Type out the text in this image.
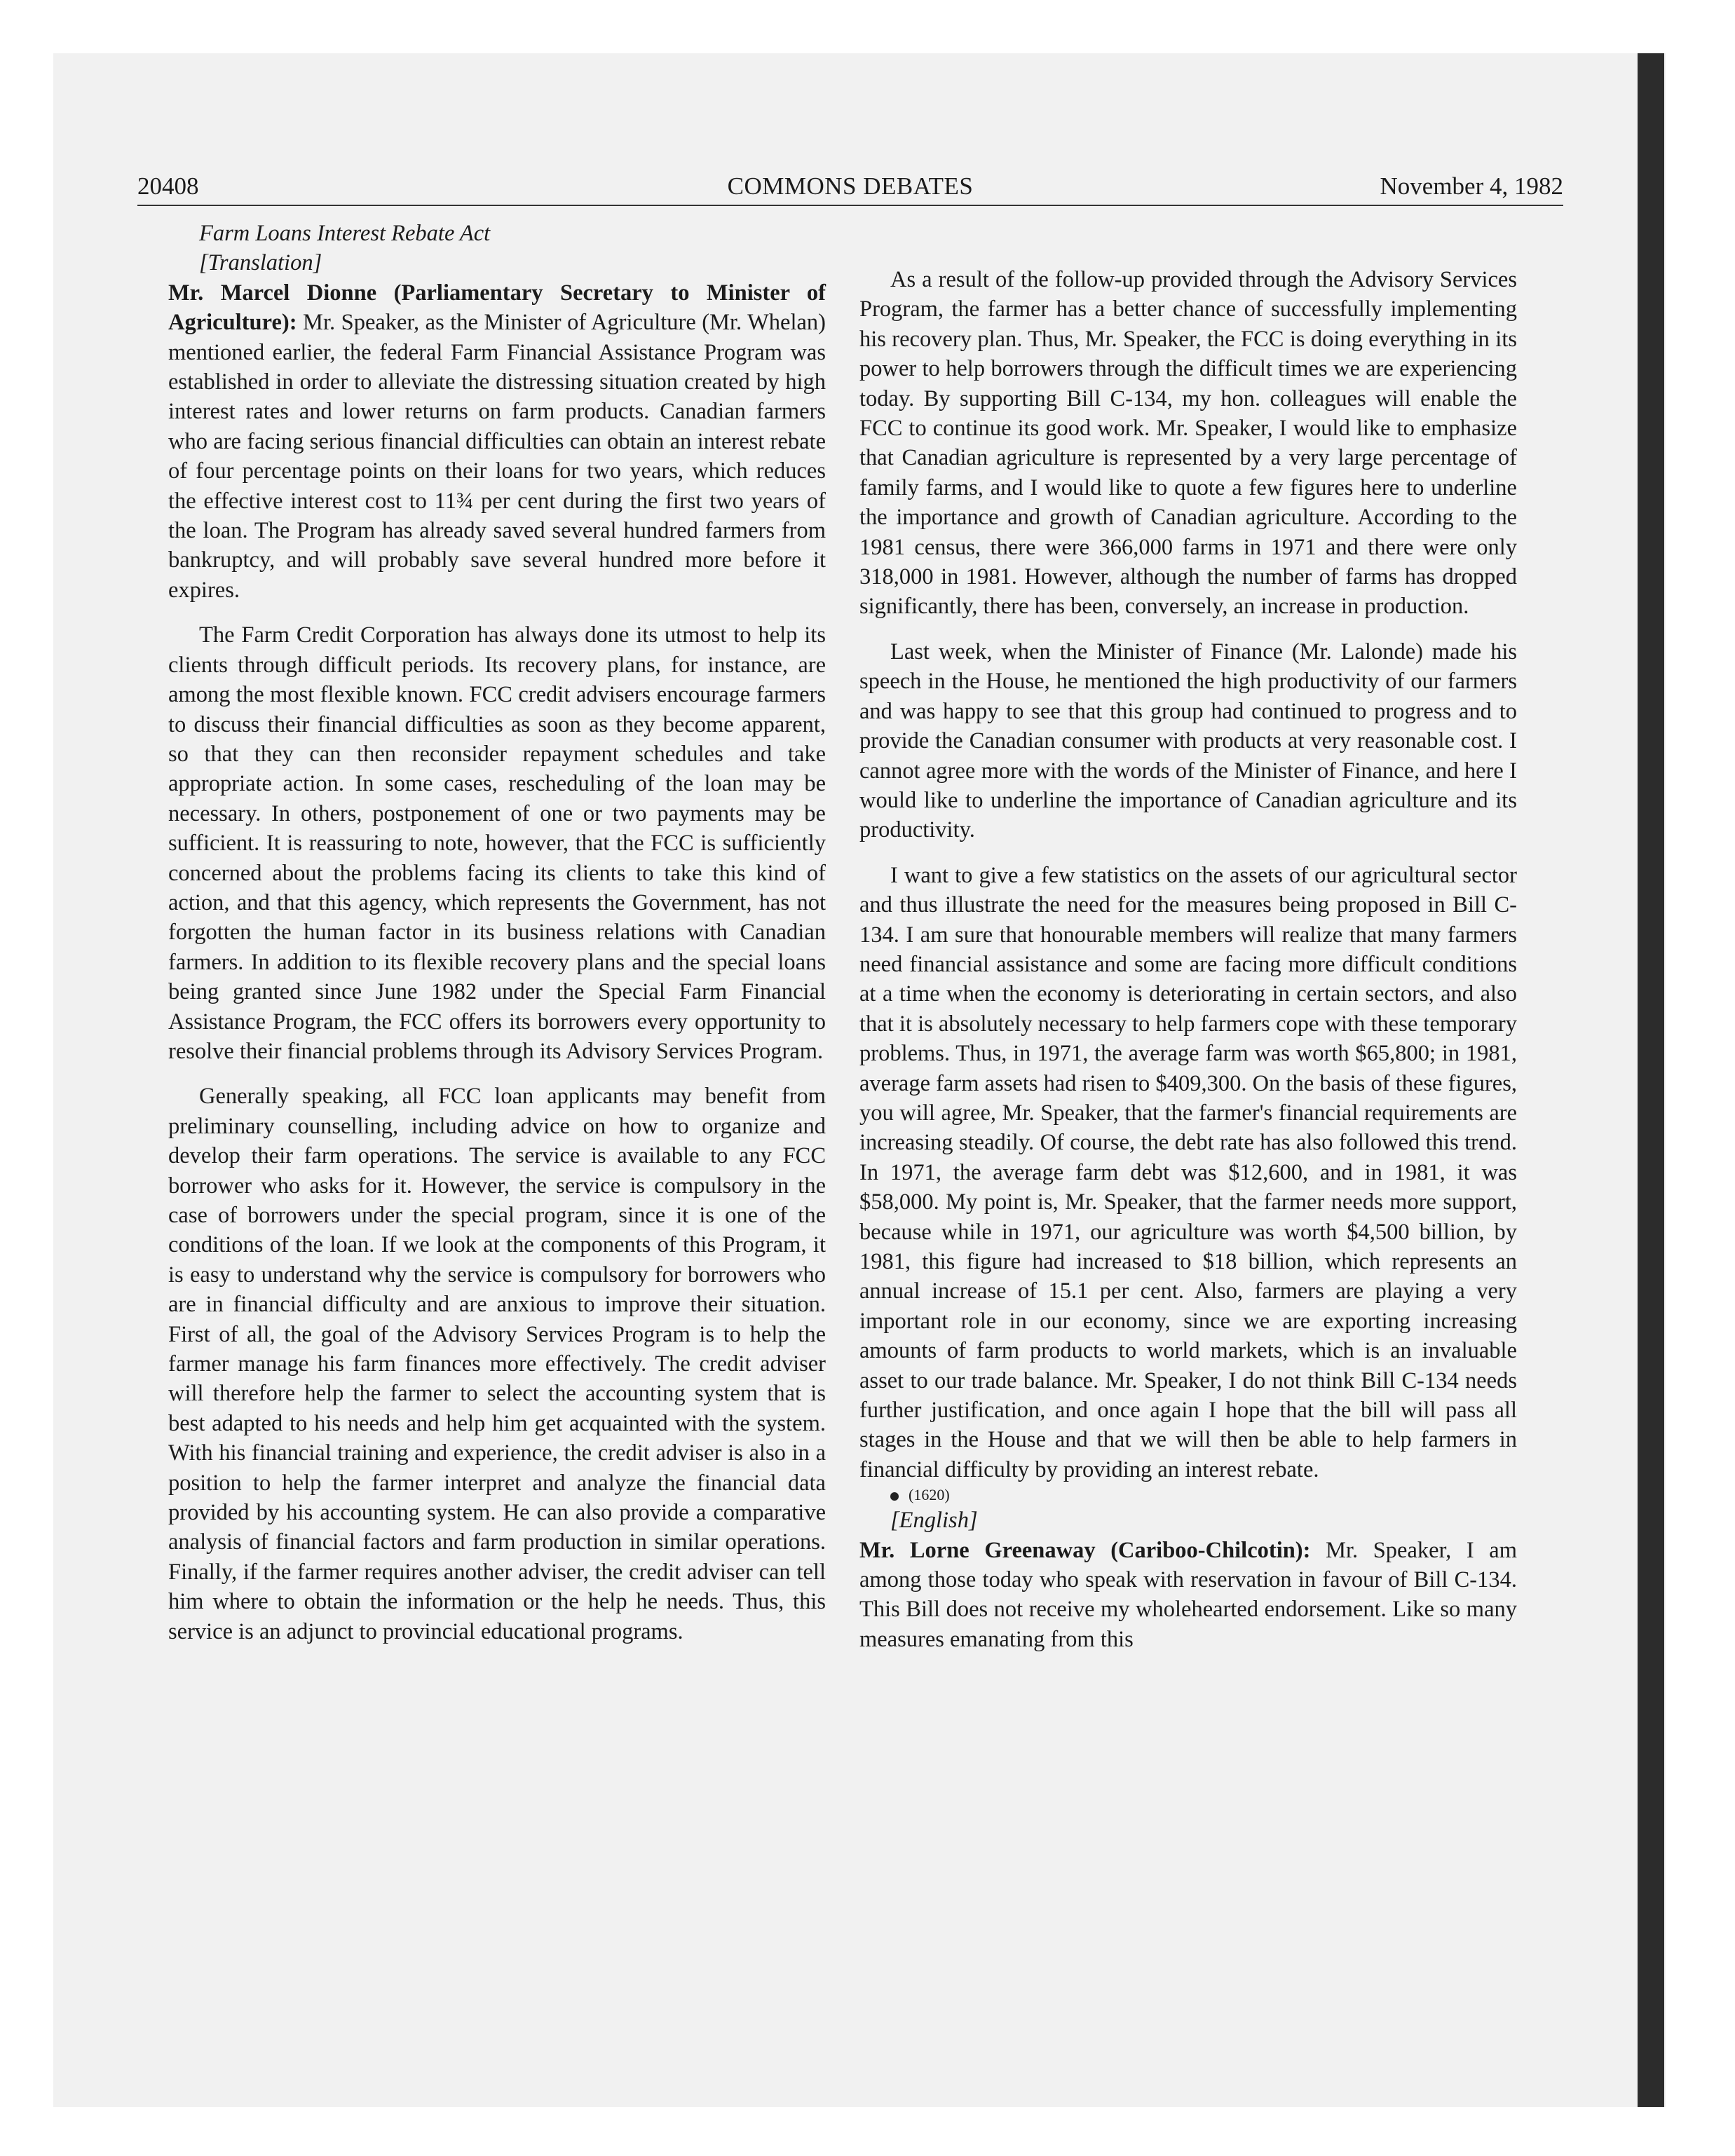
20408	COMMONS DEBATES	November 4, 1982

Farm Loans Interest Rebate Act

[Translation]

Mr. Marcel Dionne (Parliamentary Secretary to Minister of Agriculture): Mr. Speaker, as the Minister of Agriculture (Mr. Whelan) mentioned earlier, the federal Farm Financial Assistance Program was established in order to alleviate the distressing situation created by high interest rates and lower returns on farm products. Canadian farmers who are facing serious financial difficulties can obtain an interest rebate of four percentage points on their loans for two years, which reduces the effective interest cost to 11¾ per cent during the first two years of the loan. The Program has already saved several hundred farmers from bankruptcy, and will probably save several hundred more before it expires.

The Farm Credit Corporation has always done its utmost to help its clients through difficult periods. Its recovery plans, for instance, are among the most flexible known. FCC credit advisers encourage farmers to discuss their financial difficulties as soon as they become apparent, so that they can then reconsider repayment schedules and take appropriate action. In some cases, rescheduling of the loan may be necessary. In others, postponement of one or two payments may be sufficient. It is reassuring to note, however, that the FCC is sufficiently concerned about the problems facing its clients to take this kind of action, and that this agency, which represents the Government, has not forgotten the human factor in its business relations with Canadian farmers. In addition to its flexible recovery plans and the special loans being granted since June 1982 under the Special Farm Financial Assistance Program, the FCC offers its borrowers every opportunity to resolve their financial problems through its Advisory Services Program.

Generally speaking, all FCC loan applicants may benefit from preliminary counselling, including advice on how to organize and develop their farm operations. The service is available to any FCC borrower who asks for it. However, the service is compulsory in the case of borrowers under the special program, since it is one of the conditions of the loan. If we look at the components of this Program, it is easy to understand why the service is compulsory for borrowers who are in financial difficulty and are anxious to improve their situation. First of all, the goal of the Advisory Services Program is to help the farmer manage his farm finances more effectively. The credit adviser will therefore help the farmer to select the accounting system that is best adapted to his needs and help him get acquainted with the system. With his financial training and experience, the credit adviser is also in a position to help the farmer interpret and analyze the financial data provided by his accounting system. He can also provide a comparative analysis of financial factors and farm production in similar operations. Finally, if the farmer requires another adviser, the credit adviser can tell him where to obtain the information or the help he needs. Thus, this service is an adjunct to provincial educational programs.

As a result of the follow-up provided through the Advisory Services Program, the farmer has a better chance of successfully implementing his recovery plan. Thus, Mr. Speaker, the FCC is doing everything in its power to help borrowers through the difficult times we are experiencing today. By supporting Bill C-134, my hon. colleagues will enable the FCC to continue its good work. Mr. Speaker, I would like to emphasize that Canadian agriculture is represented by a very large percentage of family farms, and I would like to quote a few figures here to underline the importance and growth of Canadian agriculture. According to the 1981 census, there were 366,000 farms in 1971 and there were only 318,000 in 1981. However, although the number of farms has dropped significantly, there has been, conversely, an increase in production.

Last week, when the Minister of Finance (Mr. Lalonde) made his speech in the House, he mentioned the high productivity of our farmers and was happy to see that this group had continued to progress and to provide the Canadian consumer with products at very reasonable cost. I cannot agree more with the words of the Minister of Finance, and here I would like to underline the importance of Canadian agriculture and its productivity.

I want to give a few statistics on the assets of our agricultural sector and thus illustrate the need for the measures being proposed in Bill C-134. I am sure that honourable members will realize that many farmers need financial assistance and some are facing more difficult conditions at a time when the economy is deteriorating in certain sectors, and also that it is absolutely necessary to help farmers cope with these temporary problems. Thus, in 1971, the average farm was worth $65,800; in 1981, average farm assets had risen to $409,300. On the basis of these figures, you will agree, Mr. Speaker, that the farmer's financial requirements are increasing steadily. Of course, the debt rate has also followed this trend. In 1971, the average farm debt was $12,600, and in 1981, it was $58,000. My point is, Mr. Speaker, that the farmer needs more support, because while in 1971, our agriculture was worth $4,500 billion, by 1981, this figure had increased to $18 billion, which represents an annual increase of 15.1 per cent. Also, farmers are playing a very important role in our economy, since we are exporting increasing amounts of farm products to world markets, which is an invaluable asset to our trade balance. Mr. Speaker, I do not think Bill C-134 needs further justification, and once again I hope that the bill will pass all stages in the House and that we will then be able to help farmers in financial difficulty by providing an interest rebate.

(1620)

[English]

Mr. Lorne Greenaway (Cariboo-Chilcotin): Mr. Speaker, I am among those today who speak with reservation in favour of Bill C-134. This Bill does not receive my wholehearted endorsement. Like so many measures emanating from this
